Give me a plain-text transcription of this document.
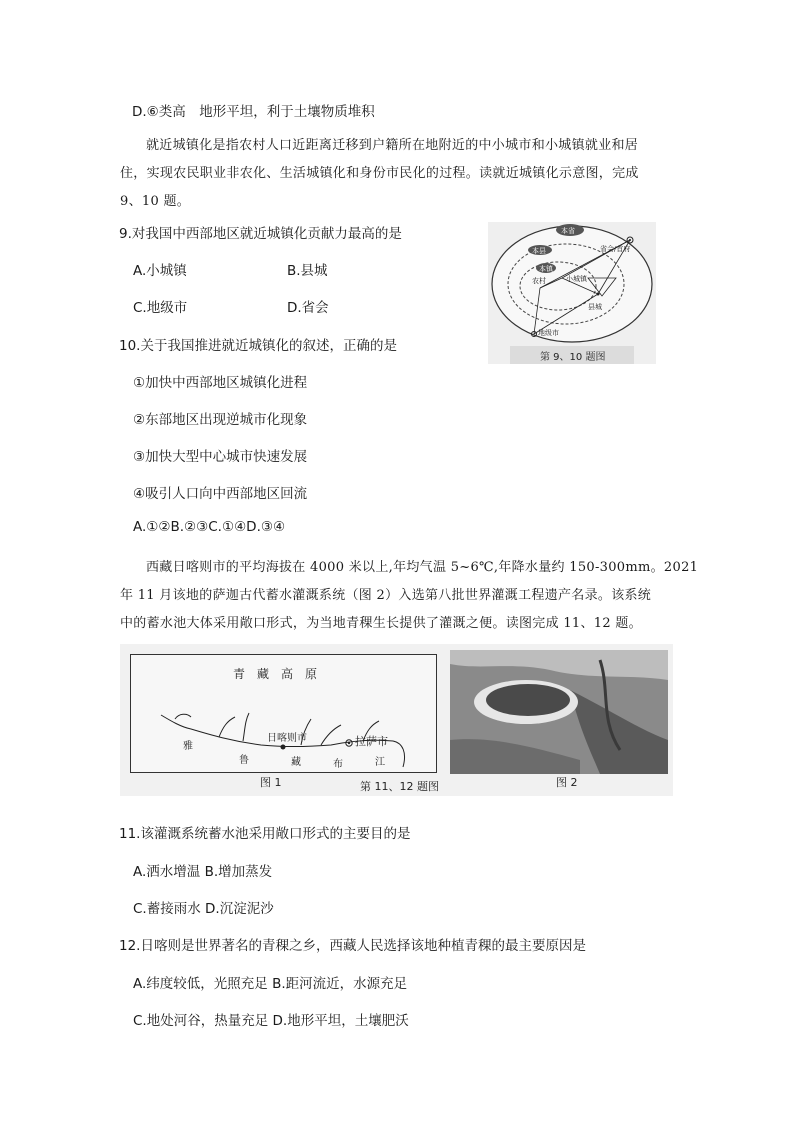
D.⑥类高　地形平坦，利于土壤物质堆积
就近城镇化是指农村人口近距离迁移到户籍所在地附近的中小城市和小城镇就业和居
住，实现农民职业非农化、生活城镇化和身份市民化的过程。读就近城镇化示意图，完成
9、10 题。
9.对我国中西部地区就近城镇化贡献力最高的是
A.小城镇	B.县城
C.地级市	D.省会
10.关于我国推进就近城镇化的叙述，正确的是
①加快中西部地区城镇化进程
②东部地区出现逆城市化现象
③加快大型中心城市快速发展
④吸引人口向中西部地区回流
A.①②B.②③C.①④D.③④
本省
本县
本镇
农村	小城镇
县城
地级市
省会/首府
第 9、10 题图
西藏日喀则市的平均海拔在 4000 米以上,年均气温 5~6℃,年降水量约 150-300mm。2021
年 11 月该地的萨迦古代蓄水灌溉系统（图 2）入选第八批世界灌溉工程遗产名录。该系统
中的蓄水池大体采用敞口形式，为当地青稞生长提供了灌溉之便。读图完成 11、12 题。
青　藏　高　原
日喀则市	拉萨市
雅
鲁	藏	布	江
图 1	第 11、12 题图	图 2
11.该灌溉系统蓄水池采用敞口形式的主要目的是
A.洒水增温 B.增加蒸发
C.蓄接雨水 D.沉淀泥沙
12.日喀则是世界著名的青稞之乡，西藏人民选择该地种植青稞的最主要原因是
A.纬度较低，光照充足 B.距河流近，水源充足
C.地处河谷，热量充足 D.地形平坦，土壤肥沃
